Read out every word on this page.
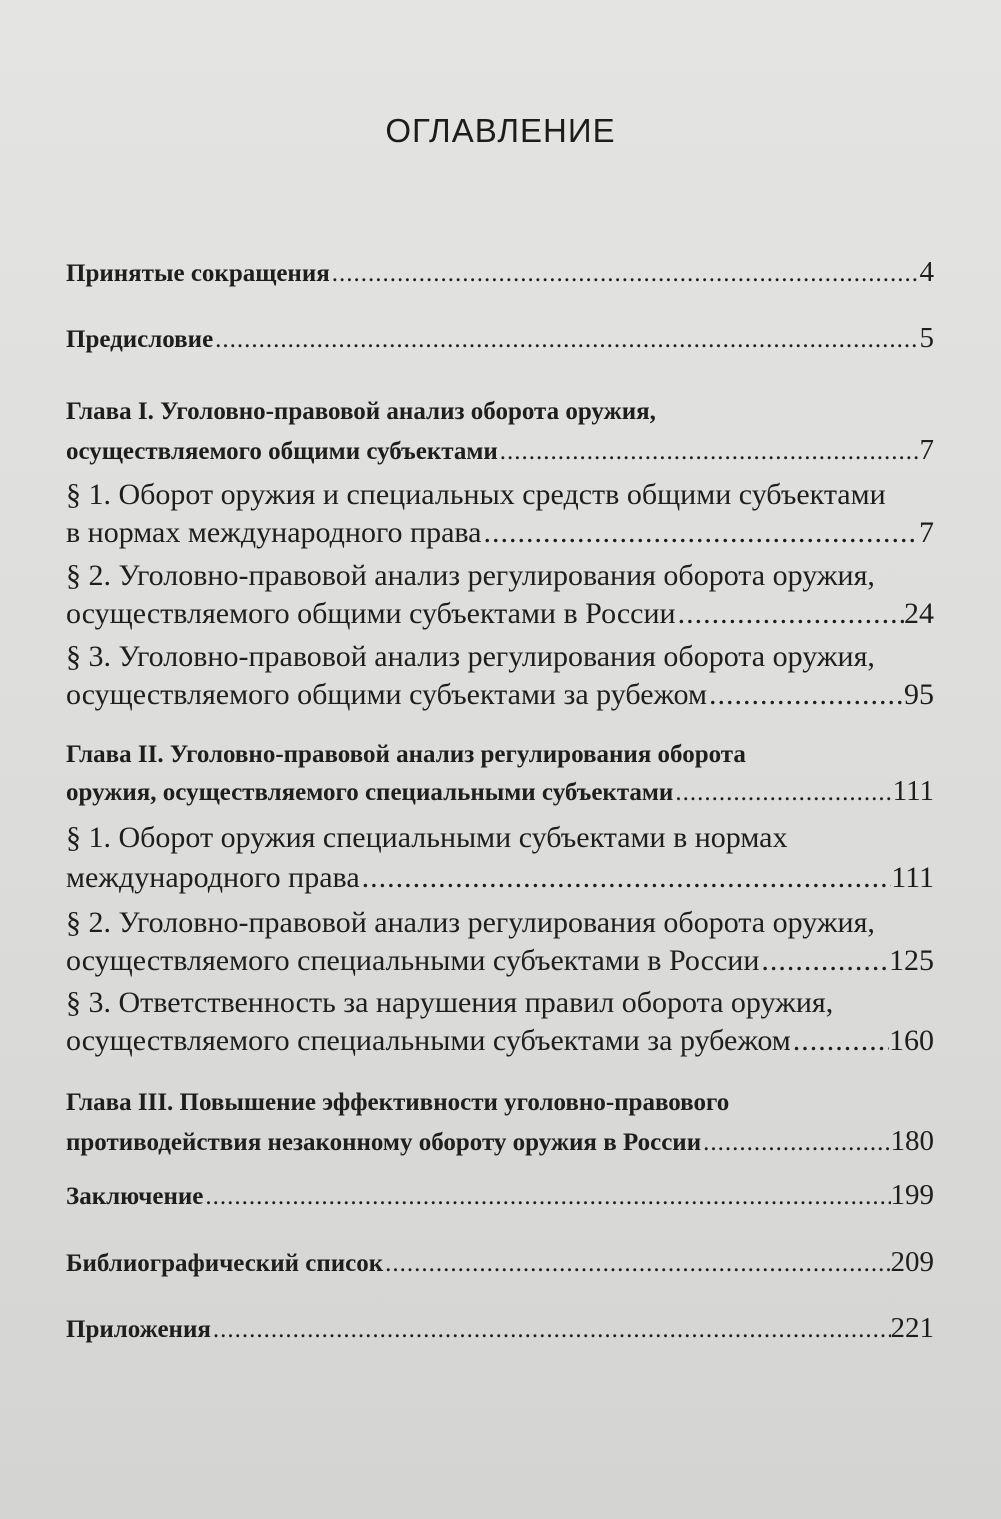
ОГЛАВЛЕНИЕ
Принятые сокращения .....	4
Предисловие .....	5
Глава I. Уголовно-правовой анализ оборота оружия,
осуществляемого общими субъектами .....	7
§ 1. Оборот оружия и специальных средств общими субъектами
в нормах международного права .....	7
§ 2. Уголовно-правовой анализ регулирования оборота оружия,
осуществляемого общими субъектами в России .....	24
§ 3. Уголовно-правовой анализ регулирования оборота оружия,
осуществляемого общими субъектами за рубежом .....	95
Глава II. Уголовно-правовой анализ регулирования оборота
оружия, осуществляемого специальными субъектами .....	111
§ 1. Оборот оружия специальными субъектами в нормах
международного права .....	111
§ 2. Уголовно-правовой анализ регулирования оборота оружия,
осуществляемого специальными субъектами в России .....	125
§ 3. Ответственность за нарушения правил оборота оружия,
осуществляемого специальными субъектами за рубежом .....	160
Глава III. Повышение эффективности уголовно-правового
противодействия незаконному обороту оружия в России .....	180
Заключение .....	199
Библиографический список .....	209
Приложения .....	221
